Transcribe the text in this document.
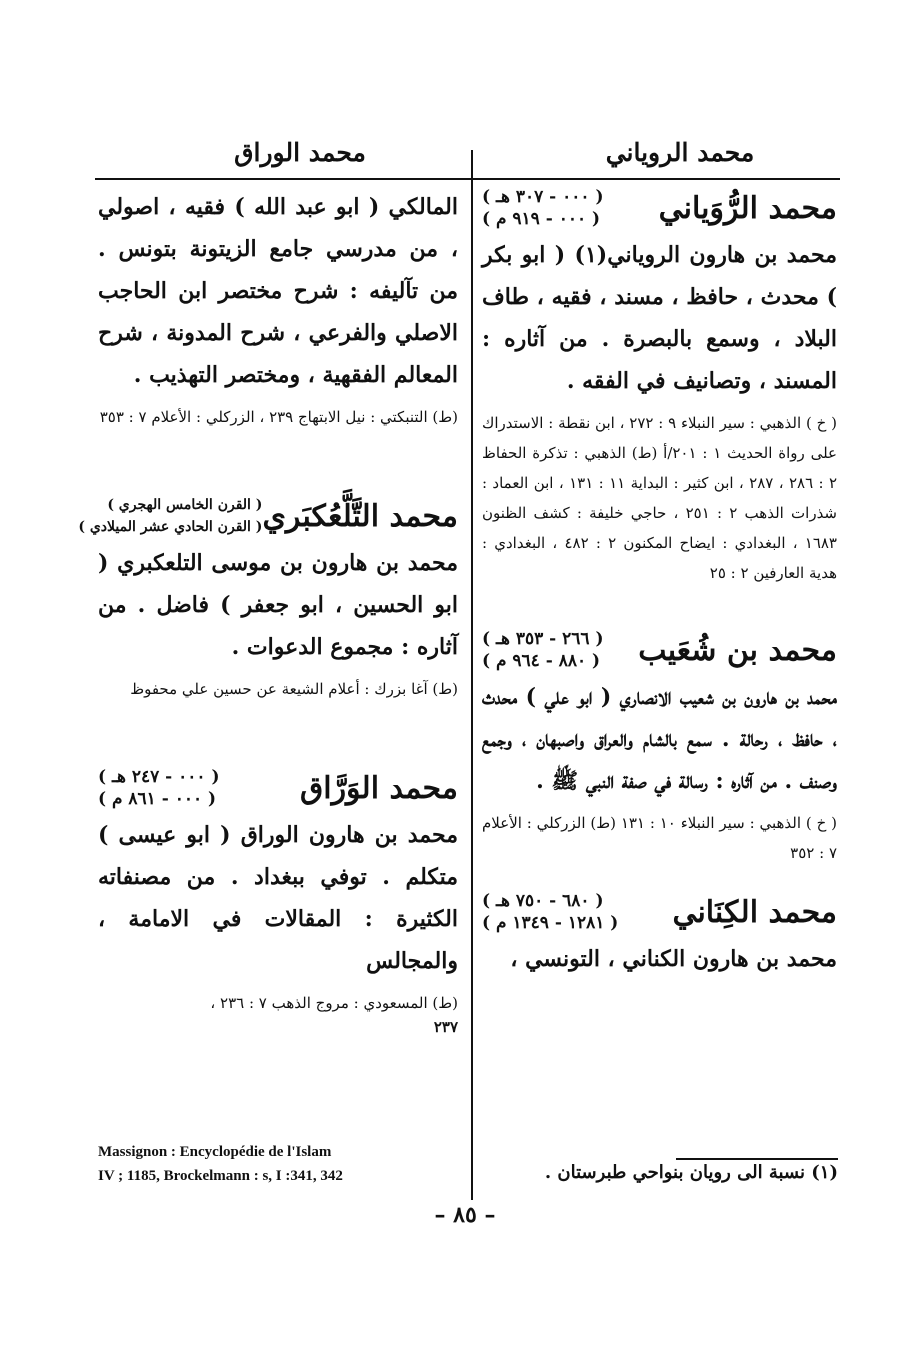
محمد الروياني
محمد الوراق
محمد الرُّوَياني
( ٠٠٠ - ٣٠٧ هـ )
( ٠٠٠ - ٩١٩ م )

محمد بن هارون الروياني(١) ( ابو بكر ) محدث ، حافظ ، مسند ، فقيه ، طاف البلاد ، وسمع بالبصرة . من آثاره : المسند ، وتصانيف في الفقه .

( خ ) الذهبي : سير النبلاء ٩ : ٢٧٢ ، ابن نقطة : الاستدراك على رواة الحديث ١ : ٢٠١/أ (ط) الذهبي : تذكرة الحفاظ ٢ : ٢٨٦ ، ٢٨٧ ، ابن كثير : البداية ١١ : ١٣١ ، ابن العماد : شذرات الذهب ٢ : ٢٥١ ، حاجي خليفة : كشف الظنون ١٦٨٣ ، البغدادي : ايضاح المكنون ٢ : ٤٨٢ ، البغدادي : هدية العارفين ٢ : ٢٥

محمد بن شُعَيب
( ٢٦٦ - ٣٥٣ هـ )
( ٨٨٠ - ٩٦٤ م )

محمد بن هارون بن شعيب الانصاري ( ابو علي ) محدث ، حافظ ، رحالة . سمع بالشام والعراق واصبهان ، وجمع وصنف . من آثاره : رسالة في صفة النبي ﷺ .

( خ ) الذهبي : سير النبلاء ١٠ : ١٣١ (ط) الزركلي : الأعلام ٧ : ٣٥٢

محمد الكِنَاني
( ٦٨٠ - ٧٥٠ هـ )
( ١٢٨١ - ١٣٤٩ م )

محمد بن هارون الكناني ، التونسي ،

المالكي ( ابو عبد الله ) فقيه ، اصولي ، من مدرسي جامع الزيتونة بتونس . من تآليفه : شرح مختصر ابن الحاجب الاصلي والفرعي ، شرح المدونة ، شرح المعالم الفقهية ، ومختصر التهذيب .

(ط) التنبكتي : نيل الابتهاج ٢٣٩ ، الزركلي : الأعلام ٧ : ٣٥٣

محمد التَّلَّعُكبَري
( القرن الخامس الهجري )
( القرن الحادي عشر الميلادي )

محمد بن هارون بن موسى التلعكبري ( ابو الحسين ، ابو جعفر ) فاضل . من آثاره : مجموع الدعوات .

(ط) آغا بزرك : أعلام الشيعة عن حسين علي محفوظ

محمد الوَرَّاق
( ٠٠٠ - ٢٤٧ هـ )
( ٠٠٠ - ٨٦١ م )

محمد بن هارون الوراق ( ابو عيسى ) متكلم . توفي ببغداد . من مصنفاته الكثيرة : المقالات في الامامة ، والمجالس

(ط) المسعودي : مروج الذهب ٧ : ٢٣٦ ،

٢٣٧
Massignon : Encyclopédie de l'Islam
IV ; 1185, Brockelmann : s, I :341, 342	(١) نسبة الى رويان بنواحي طبرستان .
– ٨٥ –
